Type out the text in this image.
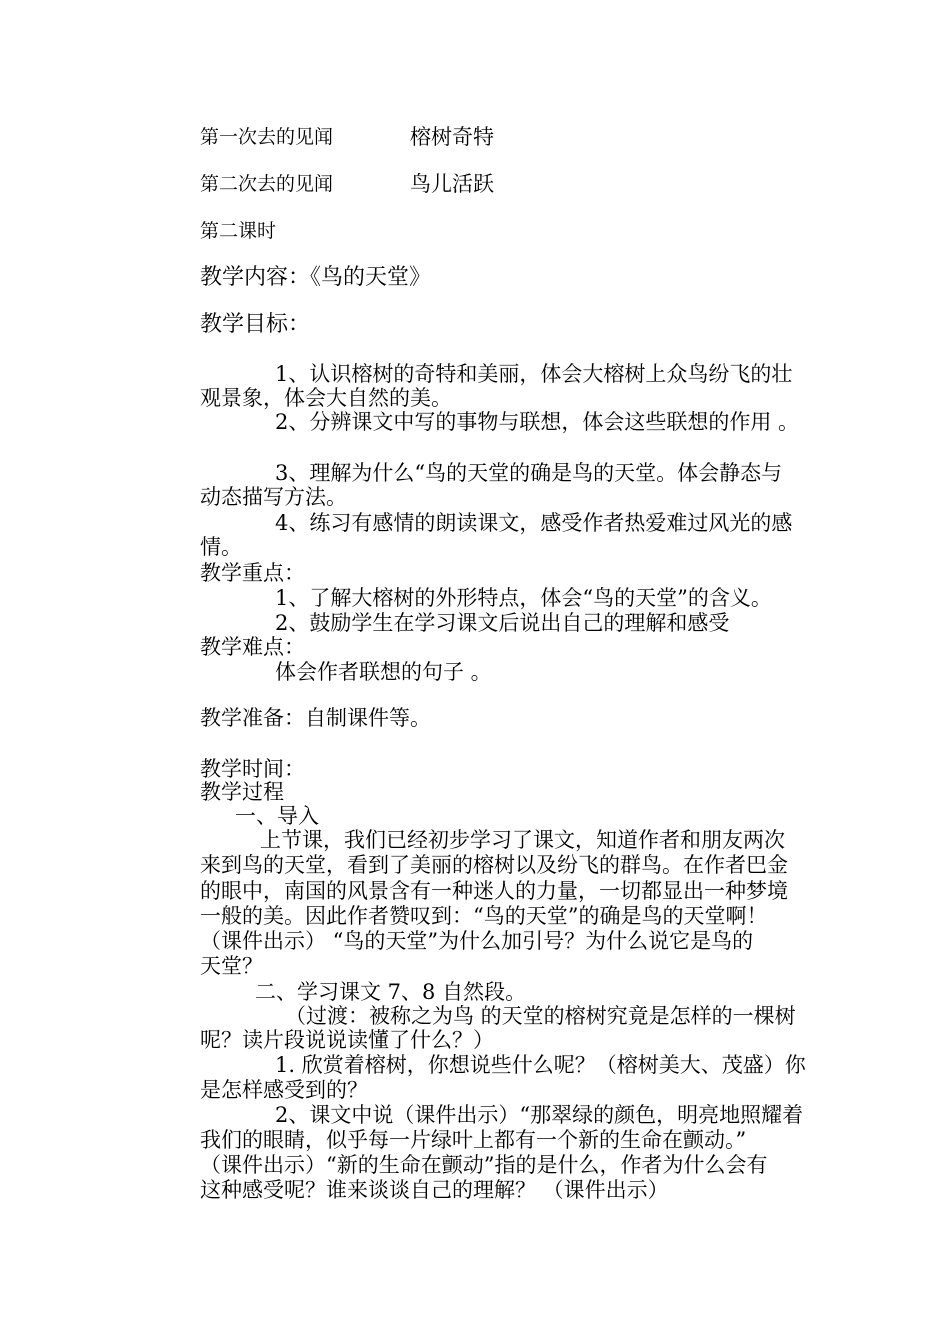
第一次去的见闻	榕树奇特
第二次去的见闻	鸟儿活跃
第二课时
教学内容：《鸟的天堂》
教学目标：
1、认识榕树的奇特和美丽，体会大榕树上众鸟纷飞的壮
观景象，体会大自然的美。
2、分辨课文中写的事物与联想，体会这些联想的作用 。
3、理解为什么“鸟的天堂的确是鸟的天堂。体会静态与
动态描写方法。
4、练习有感情的朗读课文，感受作者热爱难过风光的感
情。
教学重点：
1、了解大榕树的外形特点，体会“鸟的天堂”的含义。
2、鼓励学生在学习课文后说出自己的理解和感受
教学难点：
体会作者联想的句子 。
教学准备：自制课件等。
教学时间：
教学过程
一、导入
上节课，我们已经初步学习了课文，知道作者和朋友两次
来到鸟的天堂，看到了美丽的榕树以及纷飞的群鸟。在作者巴金
的眼中，南国的风景含有一种迷人的力量，一切都显出一种梦境
一般的美。因此作者赞叹到：“鸟的天堂”的确是鸟的天堂啊！
（课件出示） “鸟的天堂”为什么加引号？为什么说它是鸟的
天堂？
二、学习课文 7、8 自然段。
（过渡：被称之为鸟 的天堂的榕树究竟是怎样的一棵树
呢？读片段说说读懂了什么？）
1. 欣赏着榕树，你想说些什么呢？（榕树美大、茂盛）你
是怎样感受到的？
2、课文中说（课件出示）“那翠绿的颜色，明亮地照耀着
我们的眼睛，似乎每一片绿叶上都有一个新的生命在颤动。”
（课件出示）“新的生命在颤动”指的是什么，作者为什么会有
这种感受呢？谁来谈谈自己的理解？ （课件出示）
